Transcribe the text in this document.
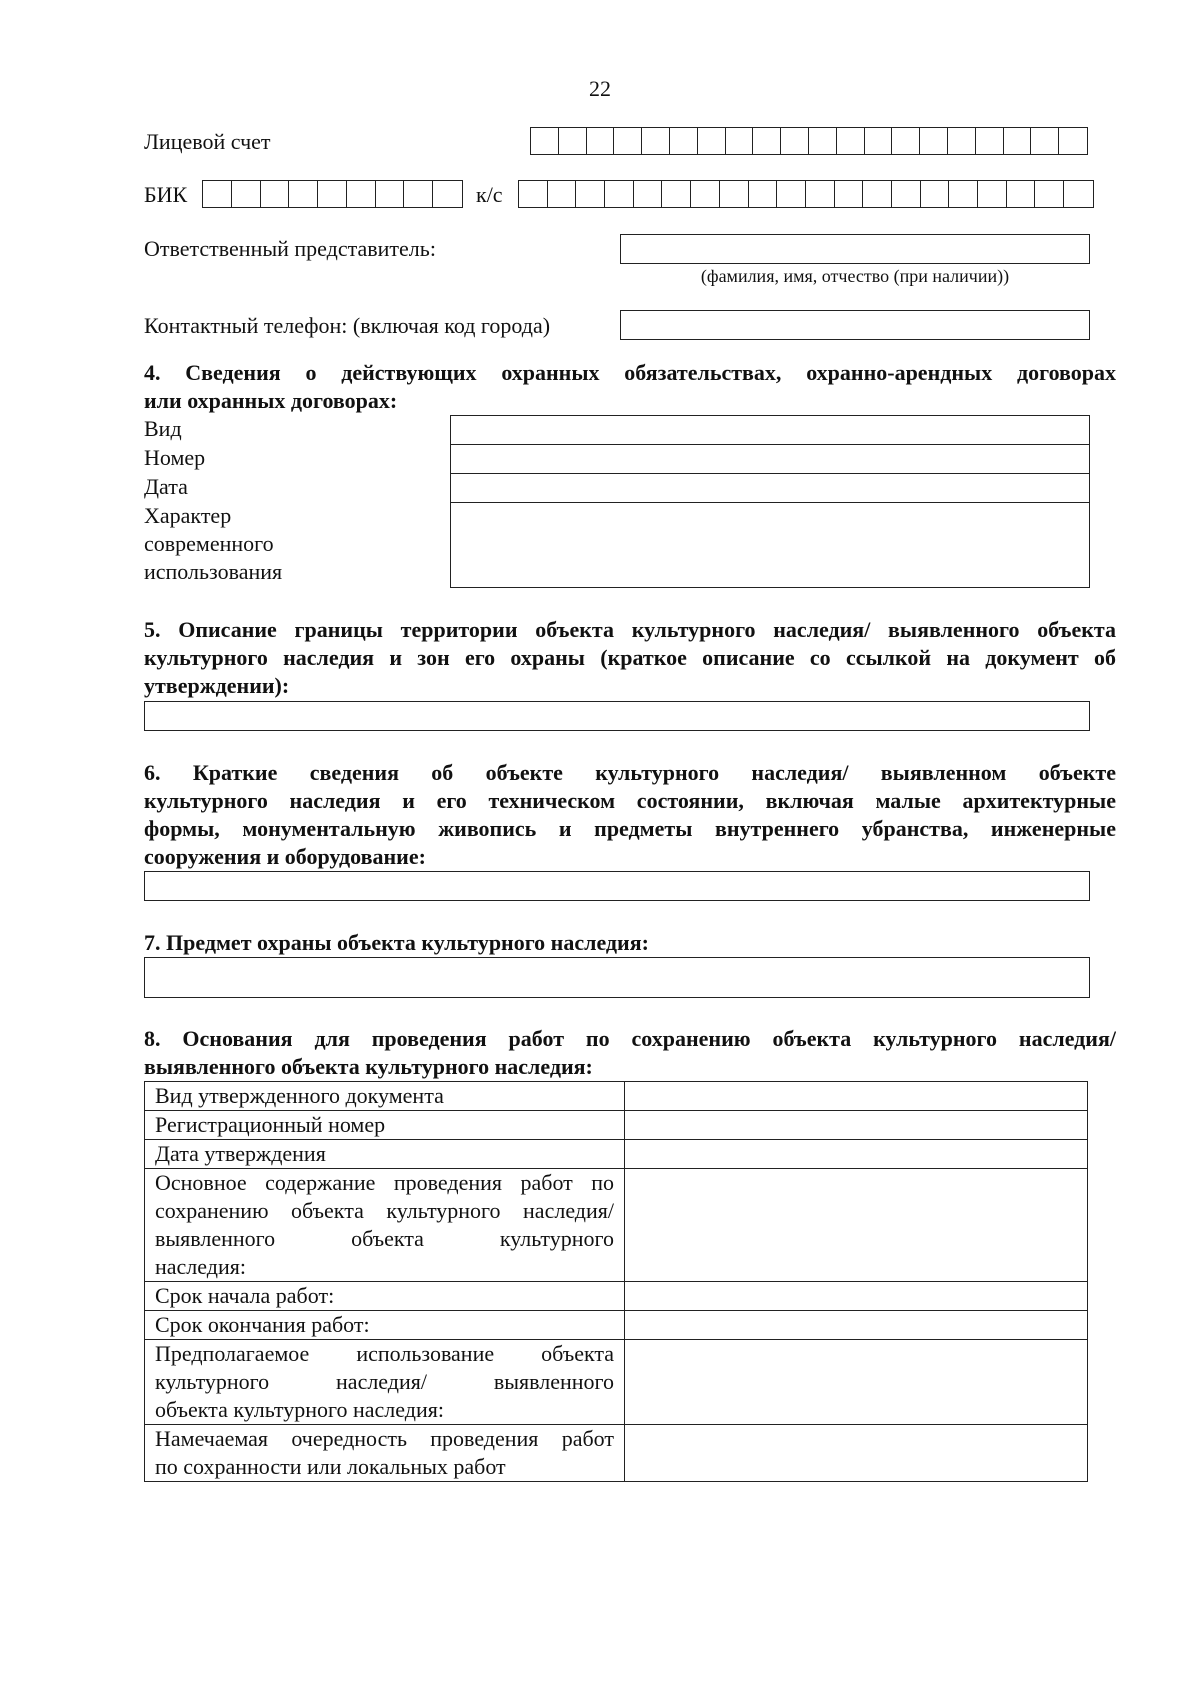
22
Лицевой счет
БИК	к/с
Ответственный представитель:
(фамилия, имя, отчество (при наличии))
Контактный телефон: (включая код города)
4. Сведения о действующих охранных обязательствах, охранно-арендных договорах
или охранных договорах:
Вид
Номер
Дата
Характер
современного
использования
5. Описание границы территории объекта культурного наследия/ выявленного объекта
культурного наследия и зон его охраны (краткое описание со ссылкой на документ об
утверждении):
6. Краткие сведения об объекте культурного наследия/ выявленном объекте
культурного наследия и его техническом состоянии, включая малые архитектурные
формы, монументальную живопись и предметы внутреннего убранства, инженерные
сооружения и оборудование:
7. Предмет охраны объекта культурного наследия:
8. Основания для проведения работ по сохранению объекта культурного наследия/
выявленного объекта культурного наследия:
Вид утвержденного документа	

Регистрационный номер	

Дата утверждения	

Основное содержание проведения работ по
сохранению объекта культурного наследия/
выявленного объекта культурного
наследия:	

Срок начала работ:	

Срок окончания работ:	

Предполагаемое использование объекта
культурного наследия/ выявленного
объекта культурного наследия:	

Намечаемая очередность проведения работ
по сохранности или локальных работ	
